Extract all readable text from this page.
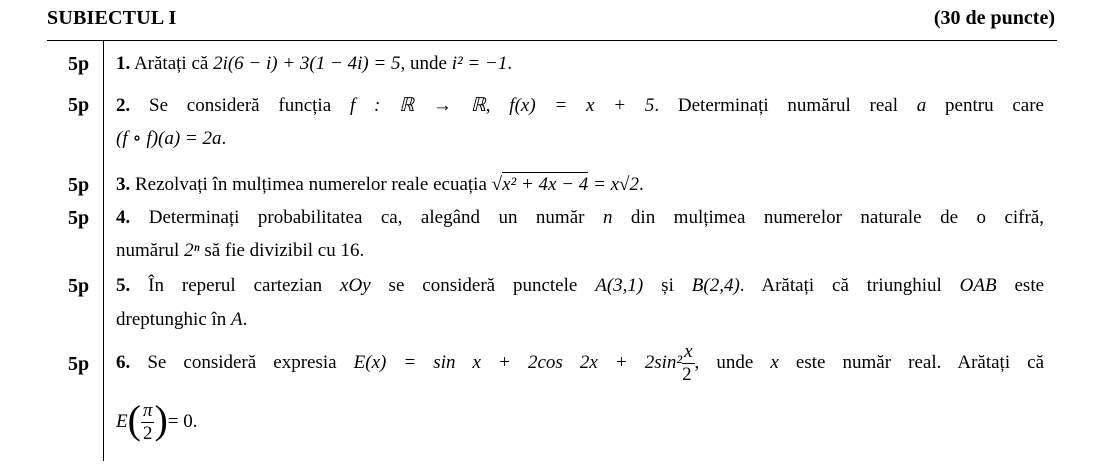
SUBIECTUL I	(30 de puncte)
5p 1. Arătați că 2i(6 − i) + 3(1 − 4i) = 5, unde i² = −1.
5p 2. Se consideră funcția f : ℝ → ℝ, f(x) = x + 5. Determinați numărul real a pentru care
(f ∘ f)(a) = 2a.
5p 3. Rezolvați în mulțimea numerelor reale ecuația √x² + 4x − 4 = x√2.
5p 4. Determinați probabilitatea ca, alegând un număr n din mulțimea numerelor naturale de o cifră,
numărul 2ⁿ să fie divizibil cu 16.
5p 5. În reperul cartezian xOy se consideră punctele A(3,1) și B(2,4). Arătați că triunghiul OAB este
dreptunghic în A.
5p 6. Se consideră expresia E(x) = sin x + 2cos $2x + 2\sin^2 \frac{x}{2}$ , unde x este număr real. Arătați că
$E( \frac{\pi}{2}$ )= 0.
